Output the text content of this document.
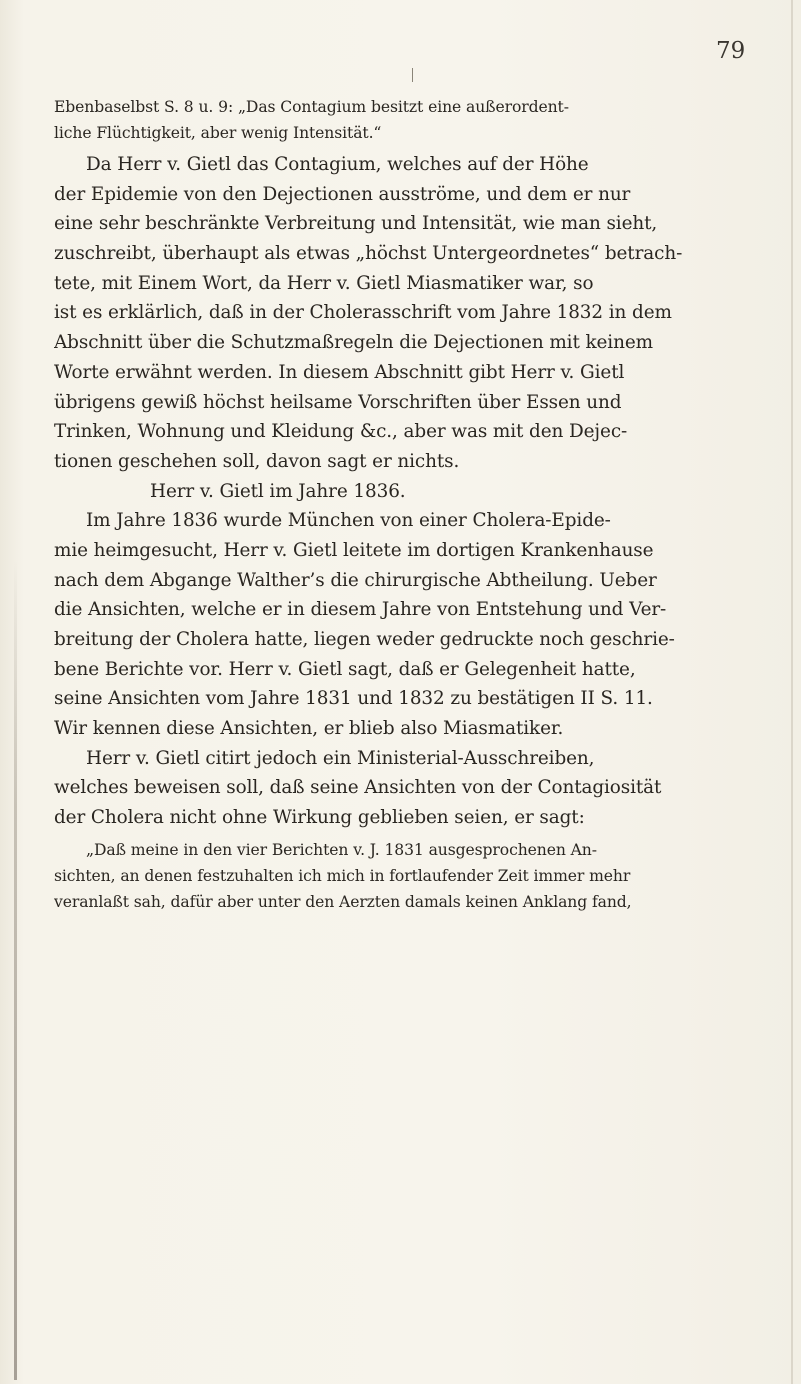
79
Ebenbaselbst S. 8 u. 9: „Das Contagium besitzt eine außerordent-
liche Flüchtigkeit, aber wenig Intensität.“
Da Herr v. Gietl das Contagium, welches auf der Höhe
der Epidemie von den Dejectionen ausströme, und dem er nur
eine sehr beschränkte Verbreitung und Intensität, wie man sieht,
zuschreibt, überhaupt als etwas „höchst Untergeordnetes“ betrach-
tete, mit Einem Wort, da Herr v. Gietl Miasmatiker war, so
ist es erklärlich, daß in der Cholerasschrift vom Jahre 1832 in dem
Abschnitt über die Schutzmaßregeln die Dejectionen mit keinem
Worte erwähnt werden. In diesem Abschnitt gibt Herr v. Gietl
übrigens gewiß höchst heilsame Vorschriften über Essen und
Trinken, Wohnung und Kleidung &c., aber was mit den Dejec-
tionen geschehen soll, davon sagt er nichts.
Herr v. Gietl im Jahre 1836.
Im Jahre 1836 wurde München von einer Cholera-Epide-
mie heimgesucht, Herr v. Gietl leitete im dortigen Krankenhause
nach dem Abgange Walther’s die chirurgische Abtheilung. Ueber
die Ansichten, welche er in diesem Jahre von Entstehung und Ver-
breitung der Cholera hatte, liegen weder gedruckte noch geschrie-
bene Berichte vor. Herr v. Gietl sagt, daß er Gelegenheit hatte,
seine Ansichten vom Jahre 1831 und 1832 zu bestätigen II S. 11.
Wir kennen diese Ansichten, er blieb also Miasmatiker.
Herr v. Gietl citirt jedoch ein Ministerial-Ausschreiben,
welches beweisen soll, daß seine Ansichten von der Contagiosität
der Cholera nicht ohne Wirkung geblieben seien, er sagt:
„Daß meine in den vier Berichten v. J. 1831 ausgesprochenen An-
sichten, an denen festzuhalten ich mich in fortlaufender Zeit immer mehr
veranlaßt sah, dafür aber unter den Aerzten damals keinen Anklang fand,
